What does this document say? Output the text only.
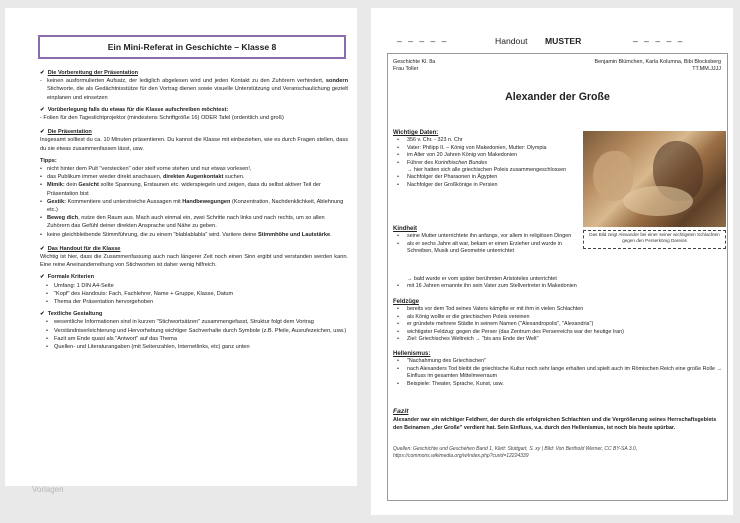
Ein Mini-Referat in Geschichte – Klasse 8

✔ Die Vorbereitung der Präsentation

- keinen ausformulierten Aufsatz, der lediglich abgelesen wird und jeden Kontakt zu den Zuhörern verhindert, sondern Stichworte, die als Gedächtnisstütze für den Vortrag dienen sowie visuelle Unterstützung und Veranschaulichung gezielt einplanen und einsetzen

✔ Vorüberlegung falls du etwas für die Klasse aufschreiben möchtest:

- Folien für den Tageslichtprojektor (mindestens Schriftgröße 16) ODER Tafel (ordentlich und groß)

✔ Die Präsentation

Insgesamt solltest du ca. 10 Minuten präsentieren. Du kannst die Klasse mit einbeziehen, wie es durch Fragen stellen, dass du sie etwas zusammenfassen lässt, usw.

Tipps:

• nicht hinter dem Pult "verstecken" oder steif vorne stehen und nur etwas vorlesen!,
• das Publikum immer wieder direkt anschauen, direkten Augenkontakt suchen.
• Mimik: dein Gesicht sollte Spannung, Erstaunen etc. widerspiegeln und zeigen, dass du selbst aktiver Teil der Präsentation bist
• Gestik: Kommentiere und unterstreiche Aussagen mit Handbewegungen (Konzentration, Nachdenklichkeit, Ablehnung etc.)
• Beweg dich, nutze den Raum aus. Mach auch einmal ein, zwei Schritte nach links und nach rechts, um so allen Zuhörern das Gefühl deiner direkten Ansprache und Nähe zu geben.
• keine gleichbleibende Stimmführung, die zu einem "blablablabla" wird. Variiere deine Stimmhöhe und Lautstärke.

✔ Das Handout für die Klasse

Wichtig ist hier, dass die Zusammenfassung auch nach längerer Zeit noch einen Sinn ergibt und verstanden werden kann. Eine reine Aneinanderreihung von Stichworten ist daher wenig hilfreich.

✔ Formale Kriterien

• Umfang: 1 DIN A4-Seite
• "Kopf" des Handouts: Fach, Fachlehrer, Name + Gruppe, Klasse, Datum
• Thema der Präsentation hervorgehoben

✔ Textliche Gestaltung

• wesentliche Informationen sind in kurzen "Stichwortsätzen" zusammengefasst, Struktur folgt dem Vortrag
• Verständniserleichterung und Hervorhebung wichtiger Sachverhalte durch Symbole (z.B. Pfeile, Ausrufezeichen, usw.)
• Fazit am Ende quasi als "Antwort" auf das Thema
• Quellen- und Literaturangaben (mit Seitenzahlen, Internetlinks, etc) ganz unten
Vorlagen
– – – – –	Handout MUSTER	– – – – –
Geschichte Kl. 8a
Frau Toller
Benjamin Blümchen, Karla Kolumna, Bibi Blocksberg
TT.MM.JJJJ
Alexander der Große
Wichtige Daten:
• 356 v. Chr. - 323 n. Chr
• Vater: Philipp II. – König von Makedonien, Mutter: Olympia
• im Alter von 20 Jahren König von Makedonien
• Führer des Korinthischen Bundes
→ hier hatten sich alle griechischen Poleis zusammengeschlossen
• Nachfolger der Pharaonen in Ägypten
• Nachfolger der Großkönige in Persien
Das Bild zeigt Alexander bei einer seiner wichtigsten Schlachten gegen den Perserkönig Dareios
Kindheit
• seine Mutter unterrichtete ihn anfangs, vor allem in religiösen Dingen
• als er sechs Jahre alt war, bekam er einen Erzieher und wurde in Schreiben, Musik und Geometrie unterrichtet
→ bald wurde er vom später berühmten Aristoteles unterrichtet
• mit 16 Jahren ernannte ihn sein Vater zum Stellvertreter in Makedonien
Feldzüge
• bereits vor dem Tod seines Vaters kämpfte er mit ihm in vielen Schlachten
• als König wollte er die griechischen Poleis vereinen
• er gründete mehrere Städte in seinem Namen ("Alexandropolis", "Alexandria")
• wichtigster Feldzug: gegen die Perser (das Zentrum des Perserreichs war der heutige Iran)
• Ziel: Griechisches Weltreich → "bis ans Ende der Welt"
Hellenismus:
• "Nachahmung des Griechischen"
• nach Alexanders Tod bleibt die griechische Kultur noch sehr lange erhalten und spielt auch im Römischen Reich eine große Rolle → Einfluss im gesamten Mittelmeerraum
• Beispiele: Theater, Sprache, Kunst, usw.
Fazit
Alexander war ein wichtiger Feldherr, der durch die erfolgreichen Schlachten und die Vergrößerung seines Herrschaftsgebiets den Beinamen „der Große" verdient hat. Sein Einfluss, v.a. durch den Hellenismus, ist noch bis heute spürbar.
Quellen: Geschichte und Geschehen Band 1, Klett: Stuttgart, S. xy | Bild: Von Berthold Werner, CC BY-SA 3.0, https://commons.wikimedia.org/w/index.php?curid=12224339
